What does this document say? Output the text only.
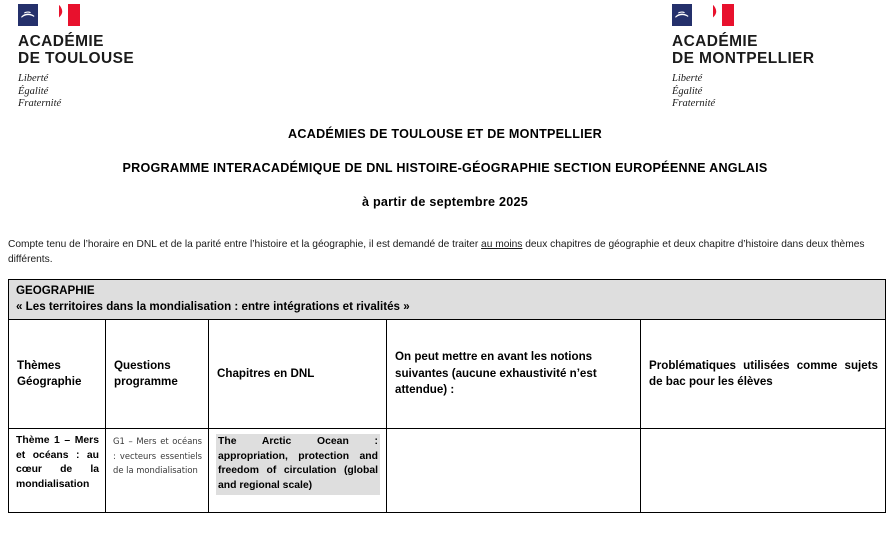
ACADÉMIE
DE TOULOUSE
Liberté
Égalité
Fraternité
ACADÉMIE
DE MONTPELLIER
Liberté
Égalité
Fraternité
ACADÉMIES DE TOULOUSE ET DE MONTPELLIER
PROGRAMME INTERACADÉMIQUE DE DNL HISTOIRE-GÉOGRAPHIE SECTION EUROPÉENNE ANGLAIS
à partir de septembre 2025
Compte tenu de l’horaire en DNL et de la parité entre l’histoire et la géographie, il est demandé de traiter au moins deux chapitres de géographie et deux chapitre d’histoire dans deux thèmes différents.
GEOGRAPHIE
« Les territoires dans la mondialisation : entre intégrations et rivalités »				

Thèmes Géographie	Questions programme	Chapitres en DNL	On peut mettre en avant les notions suivantes (aucune exhaustivité n’est attendue) :	Problématiques utilisées comme sujets de bac pour les élèves

Thème 1 – Mers et océans : au cœur de la mondialisation	G1 – Mers et océans : vecteurs essentiels de la mondialisation	The Arctic Ocean : appropriation, protection and freedom of circulation (global and regional scale)		
